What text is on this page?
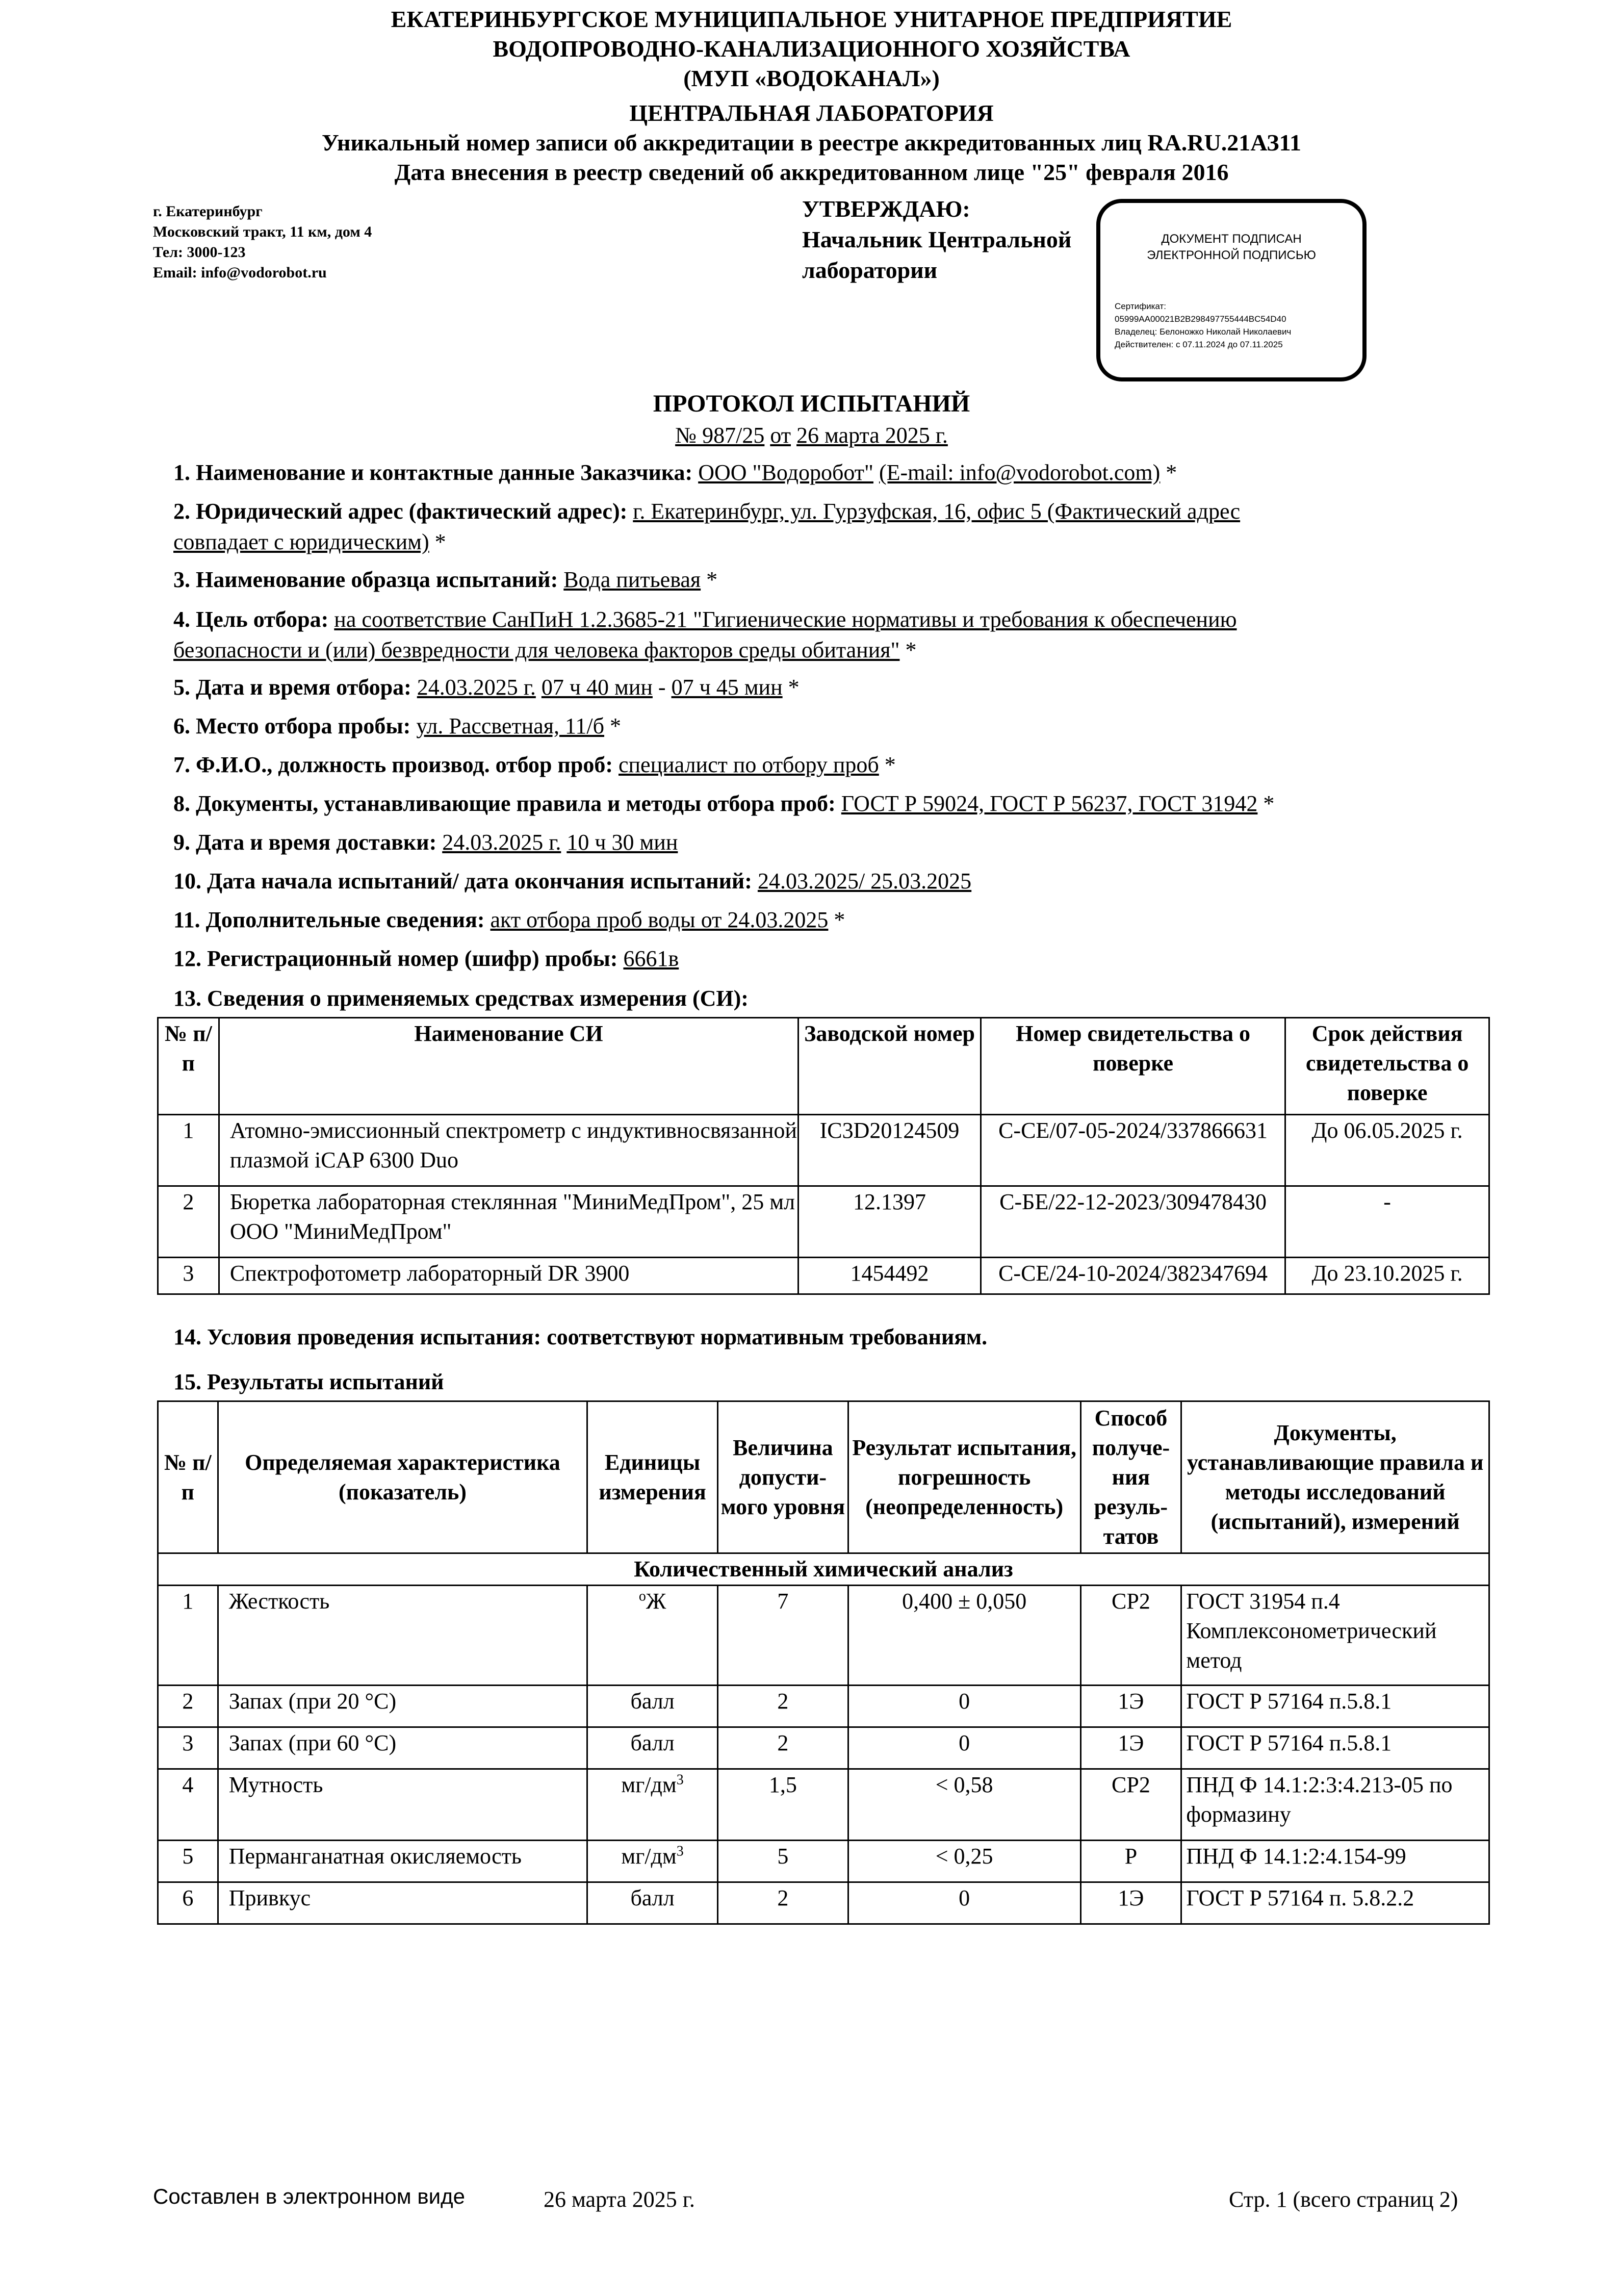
ЕКАТЕРИНБУРГСКОЕ МУНИЦИПАЛЬНОЕ УНИТАРНОЕ ПРЕДПРИЯТИЕ
ВОДОПРОВОДНО-КАНАЛИЗАЦИОННОГО ХОЗЯЙСТВА
(МУП «ВОДОКАНАЛ»)
ЦЕНТРАЛЬНАЯ ЛАБОРАТОРИЯ
Уникальный номер записи об аккредитации в реестре аккредитованных лиц RA.RU.21АЗ11
Дата внесения в реестр сведений об аккредитованном лице "25" февраля 2016
г. Екатеринбург
Московский тракт, 11 км, дом 4
Тел: 3000-123
Email: info@vodorobot.ru
УТВЕРЖДАЮ:
Начальник Центральной
лаборатории
ДОКУМЕНТ ПОДПИСАН
ЭЛЕКТРОННОЙ ПОДПИСЬЮ
Сертификат:
05999AA00021B2B298497755444BC54D40
Владелец: Белоножко Николай Николаевич
Действителен: с 07.11.2024 до 07.11.2025
ПРОТОКОЛ ИСПЫТАНИЙ
№ 987/25 от 26 марта 2025 г.
1. Наименование и контактные данные Заказчика: ООО "Водоробот" (E-mail: info@vodorobot.com) *
2. Юридический адрес (фактический адрес): г. Екатеринбург, ул. Гурзуфская, 16, офис 5 (Фактический адрес
совпадает с юридическим) *
3. Наименование образца испытаний: Вода питьевая *
4. Цель отбора: на соответствие СанПиН 1.2.3685-21 "Гигиенические нормативы и требования к обеспечению
безопасности и (или) безвредности для человека факторов среды обитания" *
5. Дата и время отбора: 24.03.2025 г. 07 ч 40 мин - 07 ч 45 мин *
6. Место отбора пробы: ул. Рассветная, 11/б *
7. Ф.И.О., должность производ. отбор проб: специалист по отбору проб *
8. Документы, устанавливающие правила и методы отбора проб: ГОСТ Р 59024, ГОСТ Р 56237, ГОСТ 31942 *
9. Дата и время доставки: 24.03.2025 г. 10 ч 30 мин
10. Дата начала испытаний/ дата окончания испытаний: 24.03.2025/ 25.03.2025
11. Дополнительные сведения: акт отбора проб воды от 24.03.2025 *
12. Регистрационный номер (шифр) пробы: 6661в
13. Сведения о применяемых средствах измерения (СИ):
№ п/п	Наименование СИ	Заводской номер	Номер свидетельства о поверке	Срок действия свидетельства о поверке
1	Атомно-эмиссионный спектрометр с индуктивносвязанной плазмой iCAP 6300 Duo	IC3D20124509	С-СЕ/07-05-2024/337866631	До 06.05.2025 г.
2	Бюретка лабораторная стеклянная "МиниМедПром", 25 мл ООО "МиниМедПром"	12.1397	С-БЕ/22-12-2023/309478430	-
3	Спектрофотометр лабораторный DR 3900	1454492	С-СЕ/24-10-2024/382347694	До 23.10.2025 г.
14. Условия проведения испытания: соответствуют нормативным требованиям.
15. Результаты испытаний
№ п/п	Определяемая характеристика (показатель)	Единицы измерения	Величина допусти-мого уровня	Результат испытания, погрешность (неопределенность)	Способ получе-ния резуль-татов	Документы, устанавливающие правила и методы исследований (испытаний), измерений
Количественный химический анализ						
1	Жесткость	$^о$Ж	7	0,400 ± 0,050	СР2	ГОСТ 31954 п.4 Комплексонометрический метод
2	Запах (при 20 °С)	балл	2	0	1Э	ГОСТ Р 57164 п.5.8.1
3	Запах (при 60 °С)	балл	2	0	1Э	ГОСТ Р 57164 п.5.8.1
4	Мутность	$мг/дм^3$	1,5	< 0,58	СР2	ПНД Ф 14.1:2:3:4.213-05 по формазину
5	Перманганатная окисляемость	$мг/дм^3$	5	< 0,25	Р	ПНД Ф 14.1:2:4.154-99
6	Привкус	балл	2	0	1Э	ГОСТ Р 57164 п. 5.8.2.2
Составлен в электронном виде	26 марта 2025 г.	Стр. 1 (всего страниц 2)
